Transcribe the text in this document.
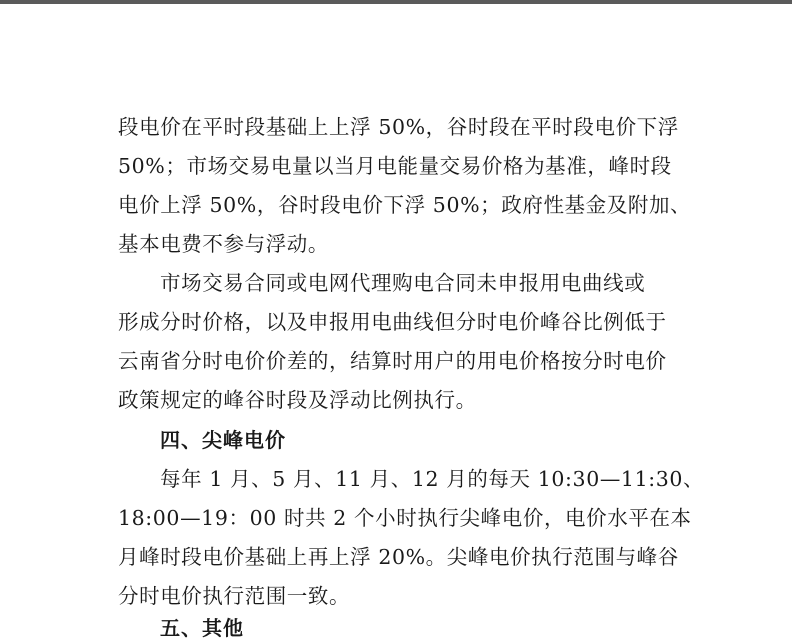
段电价在平时段基础上上浮 50%，谷时段在平时段电价下浮
50%；市场交易电量以当月电能量交易价格为基准，峰时段
电价上浮 50%，谷时段电价下浮 50%；政府性基金及附加、
基本电费不参与浮动。
市场交易合同或电网代理购电合同未申报用电曲线或
形成分时价格，以及申报用电曲线但分时电价峰谷比例低于
云南省分时电价价差的，结算时用户的用电价格按分时电价
政策规定的峰谷时段及浮动比例执行。
四、尖峰电价
每年 1 月、5 月、11 月、12 月的每天 10:30—11:30、
18:00—19：00 时共 2 个小时执行尖峰电价，电价水平在本
月峰时段电价基础上再上浮 20%。尖峰电价执行范围与峰谷
分时电价执行范围一致。
五、其他
